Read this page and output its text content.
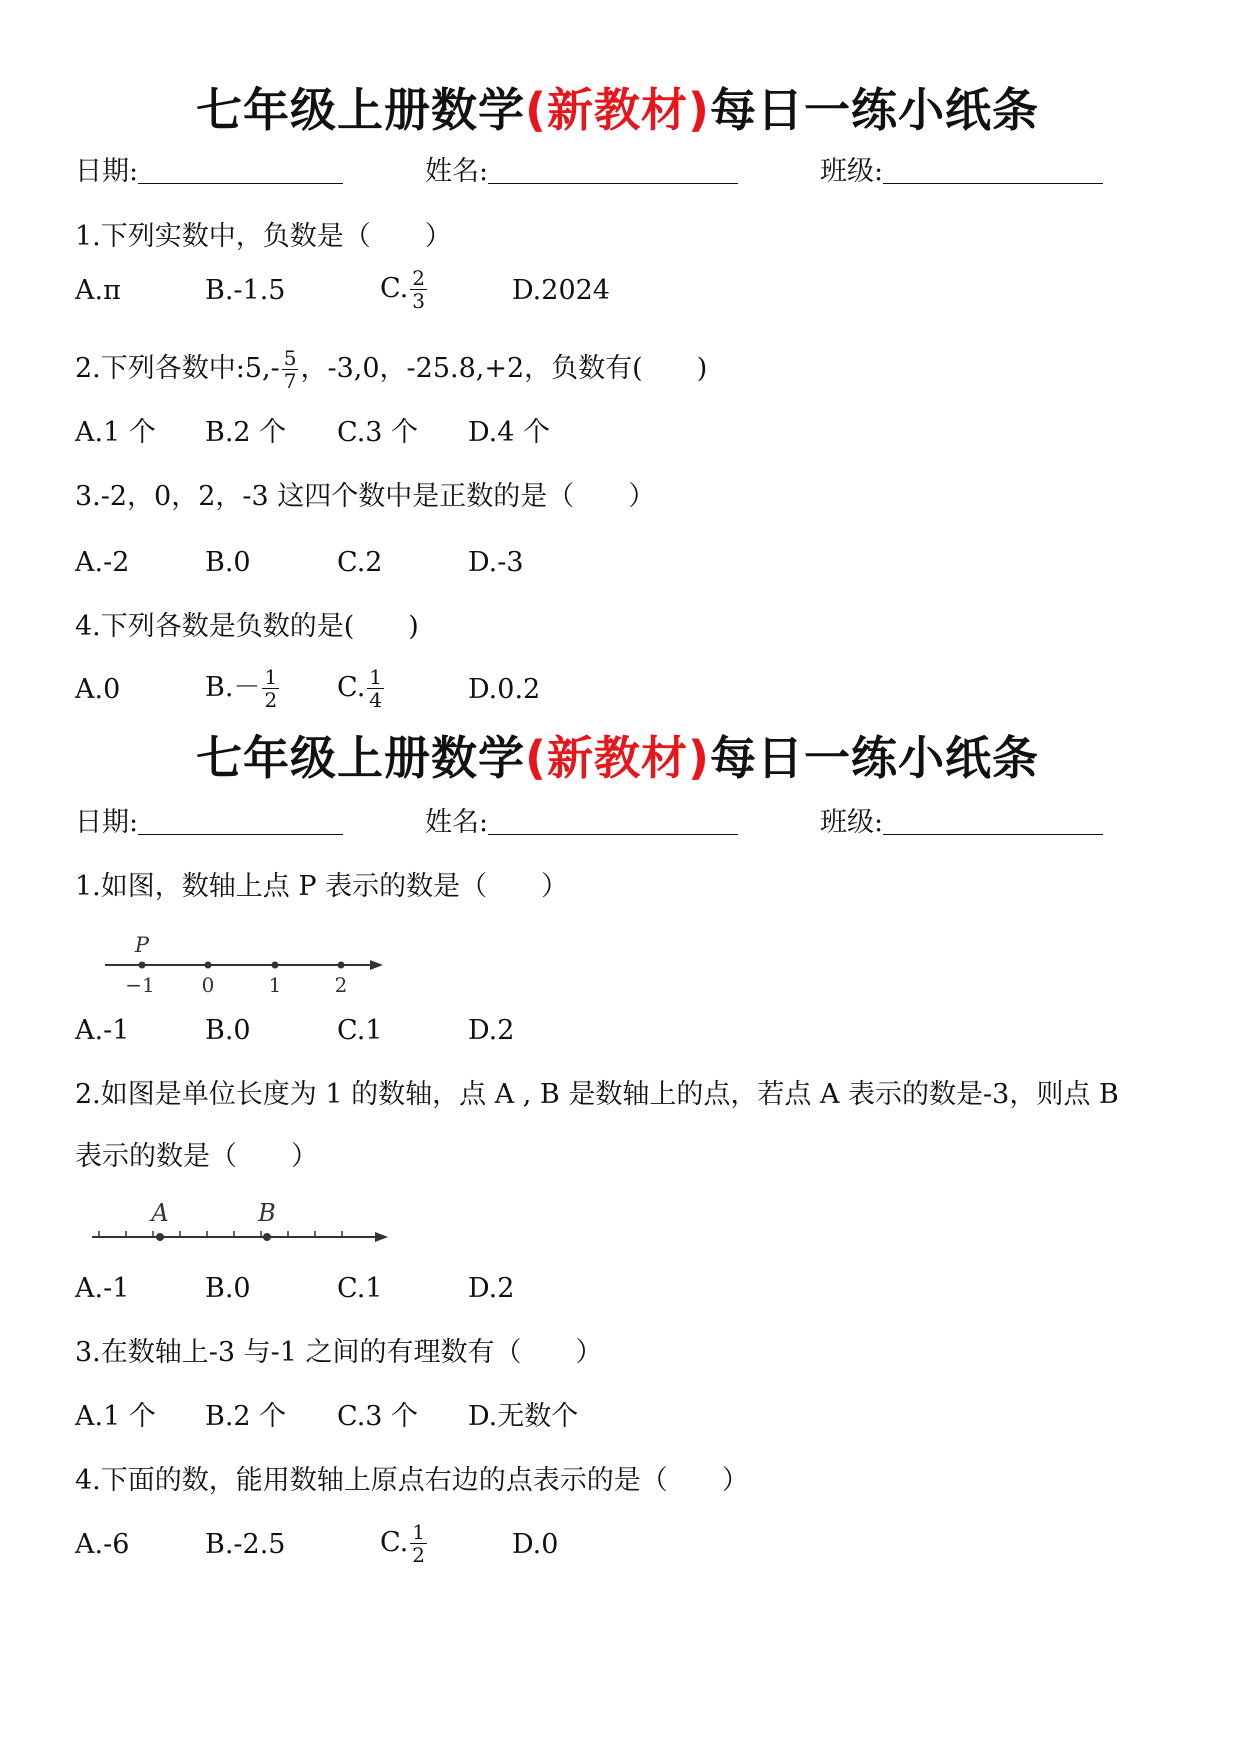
七年级上册数学(新教材)每日一练小纸条
日期:	姓名:	班级:
1.下列实数中，负数是（　　）
A.π	B.-1.5	C. $\frac{2}{3}$	D.2024
2.下列各数中:5,- $\frac{5}{7}$ ，-3,0，-25.8,+2，负数有(　　)
A.1 个 B.2 个 C.3 个 D.4 个
3.-2，0，2，-3 这四个数中是正数的是（　　）
A.-2	B.0	C.2	D.-3
4.下列各数是负数的是(　　)
A.0	$B.- \frac{1}{2} C$. $\frac{1}{4}$	D.0.2
七年级上册数学(新教材)每日一练小纸条
日期:	姓名:	班级:
1.如图，数轴上点 P 表示的数是（　　）
P
−1 0	1	2
A.-1	B.0	C.1	D.2
2.如图是单位长度为 1 的数轴，点 A , B 是数轴上的点，若点 A 表示的数是-3，则点 B
表示的数是（　　）
A	B
A.-1	B.0	C.1	D.2
3.在数轴上-3 与-1 之间的有理数有（　　）
A.1 个 B.2 个 C.3 个 D.无数个
4.下面的数，能用数轴上原点右边的点表示的是（　　）
A.-6	B.-2.5	C. $\frac{1}{2}$	D.0
